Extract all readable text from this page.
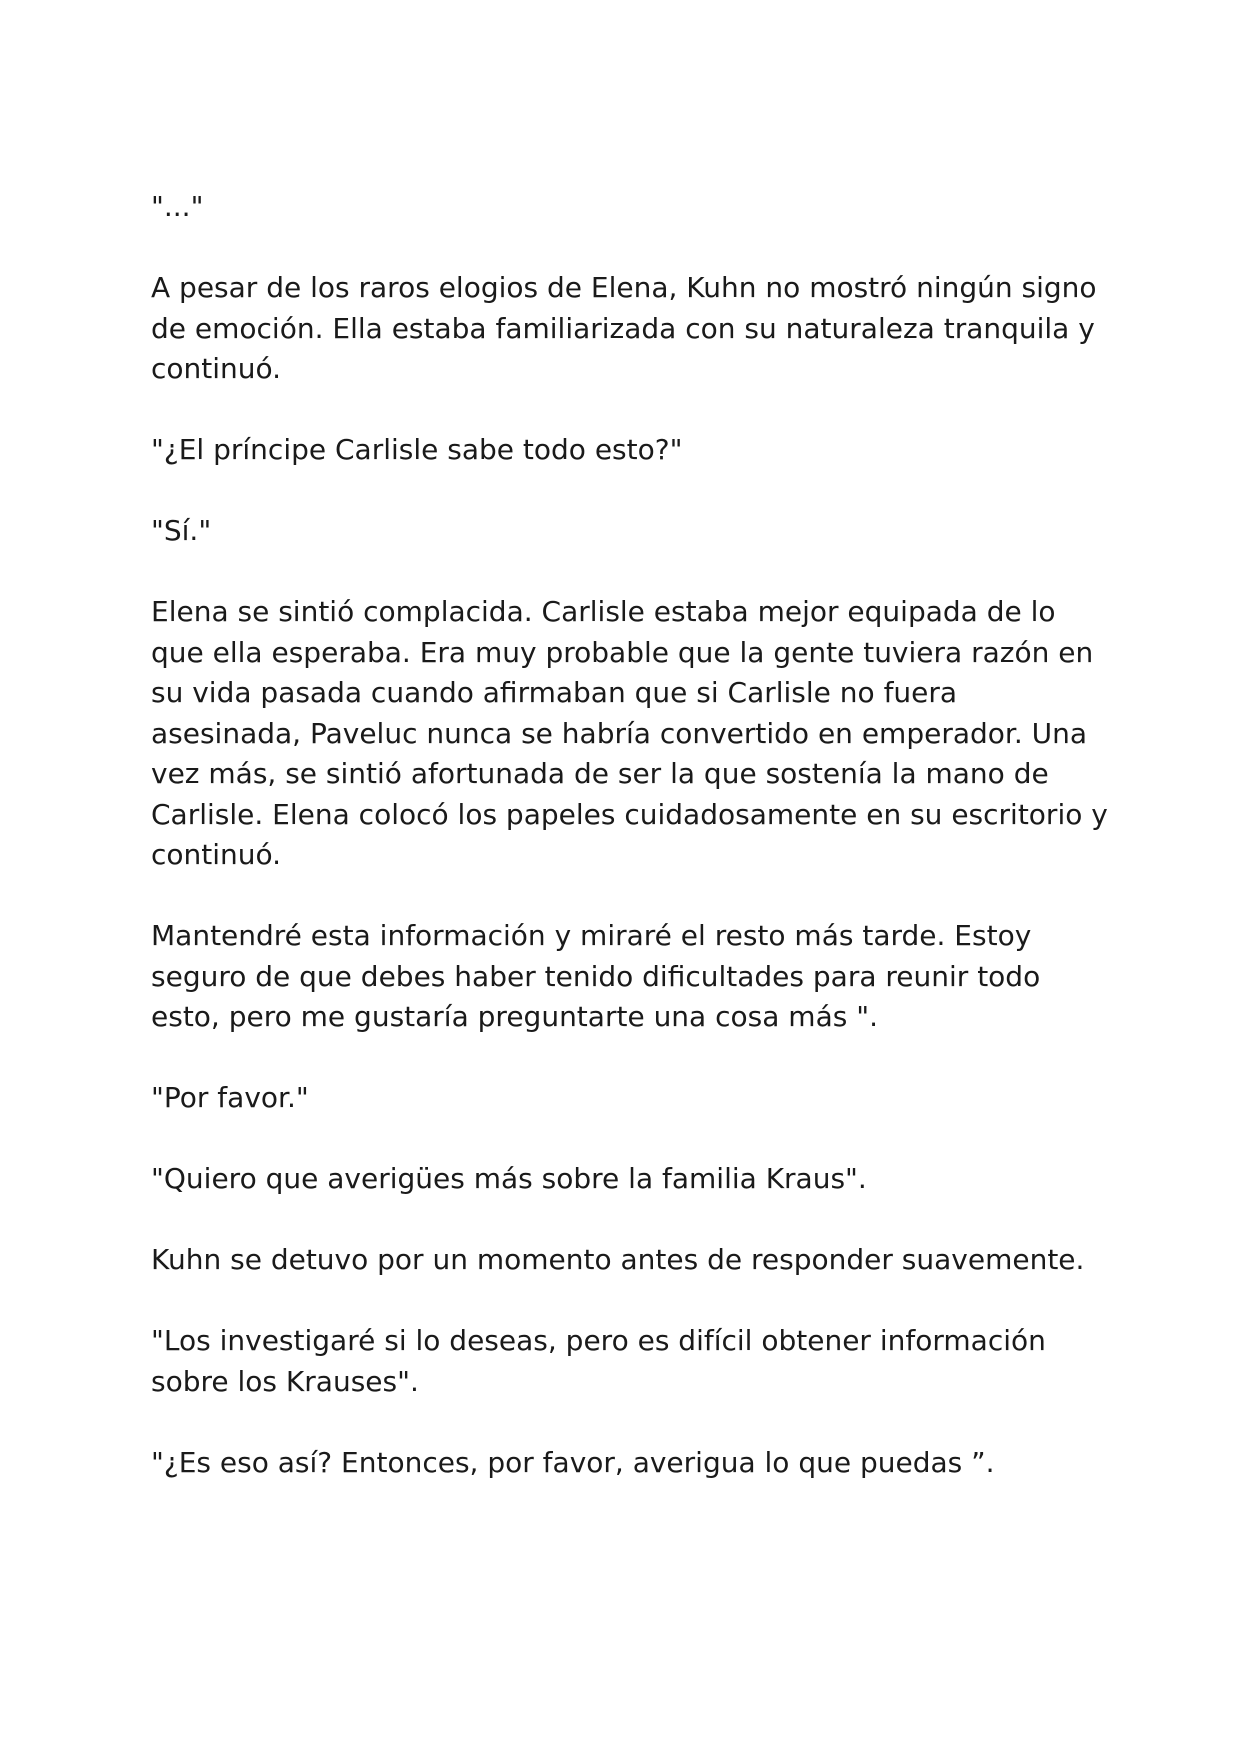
"..."

A pesar de los raros elogios de Elena, Kuhn no mostró ningún signo de emoción. Ella estaba familiarizada con su naturaleza tranquila y continuó.

"¿El príncipe Carlisle sabe todo esto?"

"Sí."

Elena se sintió complacida. Carlisle estaba mejor equipada de lo que ella esperaba. Era muy probable que la gente tuviera razón en su vida pasada cuando afirmaban que si Carlisle no fuera asesinada, Paveluc nunca se habría convertido en emperador. Una vez más, se sintió afortunada de ser la que sostenía la mano de Carlisle. Elena colocó los papeles cuidadosamente en su escritorio y continuó.

Mantendré esta información y miraré el resto más tarde. Estoy seguro de que debes haber tenido dificultades para reunir todo esto, pero me gustaría preguntarte una cosa más ".

"Por favor."

"Quiero que averigües más sobre la familia Kraus".

Kuhn se detuvo por un momento antes de responder suavemente.

"Los investigaré si lo deseas, pero es difícil obtener información sobre los Krauses".

"¿Es eso así? Entonces, por favor, averigua lo que puedas ”.
